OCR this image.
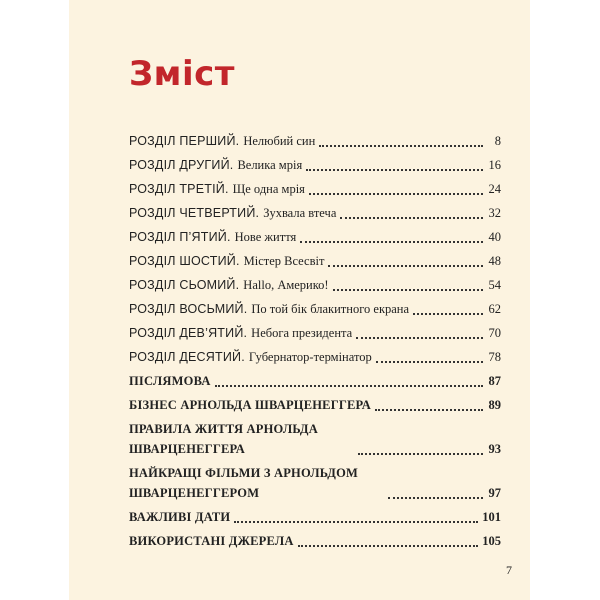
Зміст
РОЗДІЛ ПЕРШИЙ. Нелюбий син	8
РОЗДІЛ ДРУГИЙ. Велика мрія	16
РОЗДІЛ ТРЕТІЙ. Ще одна мрія	24
РОЗДІЛ ЧЕТВЕРТИЙ. Зухвала втеча	32
РОЗДІЛ П’ЯТИЙ. Нове життя	40
РОЗДІЛ ШОСТИЙ. Містер Всесвіт	48
РОЗДІЛ СЬОМИЙ. Hallo, Америко!	54
РОЗДІЛ ВОСЬМИЙ. По той бік блакитного екрана	62
РОЗДІЛ ДЕВ’ЯТИЙ. Небога президента	70
РОЗДІЛ ДЕСЯТИЙ. Губернатор-термінатор	78
ПІСЛЯМОВА	87
БІЗНЕС АРНОЛЬДА ШВАРЦЕНЕГГЕРА	89
ПРАВИЛА ЖИТТЯ АРНОЛЬДА ШВАРЦЕНЕГГЕРА	93
НАЙКРАЩІ ФІЛЬМИ З АРНОЛЬДОМ ШВАРЦЕНЕГГЕРОМ	97
ВАЖЛИВІ ДАТИ	101
ВИКОРИСТАНІ ДЖЕРЕЛА	105
7
